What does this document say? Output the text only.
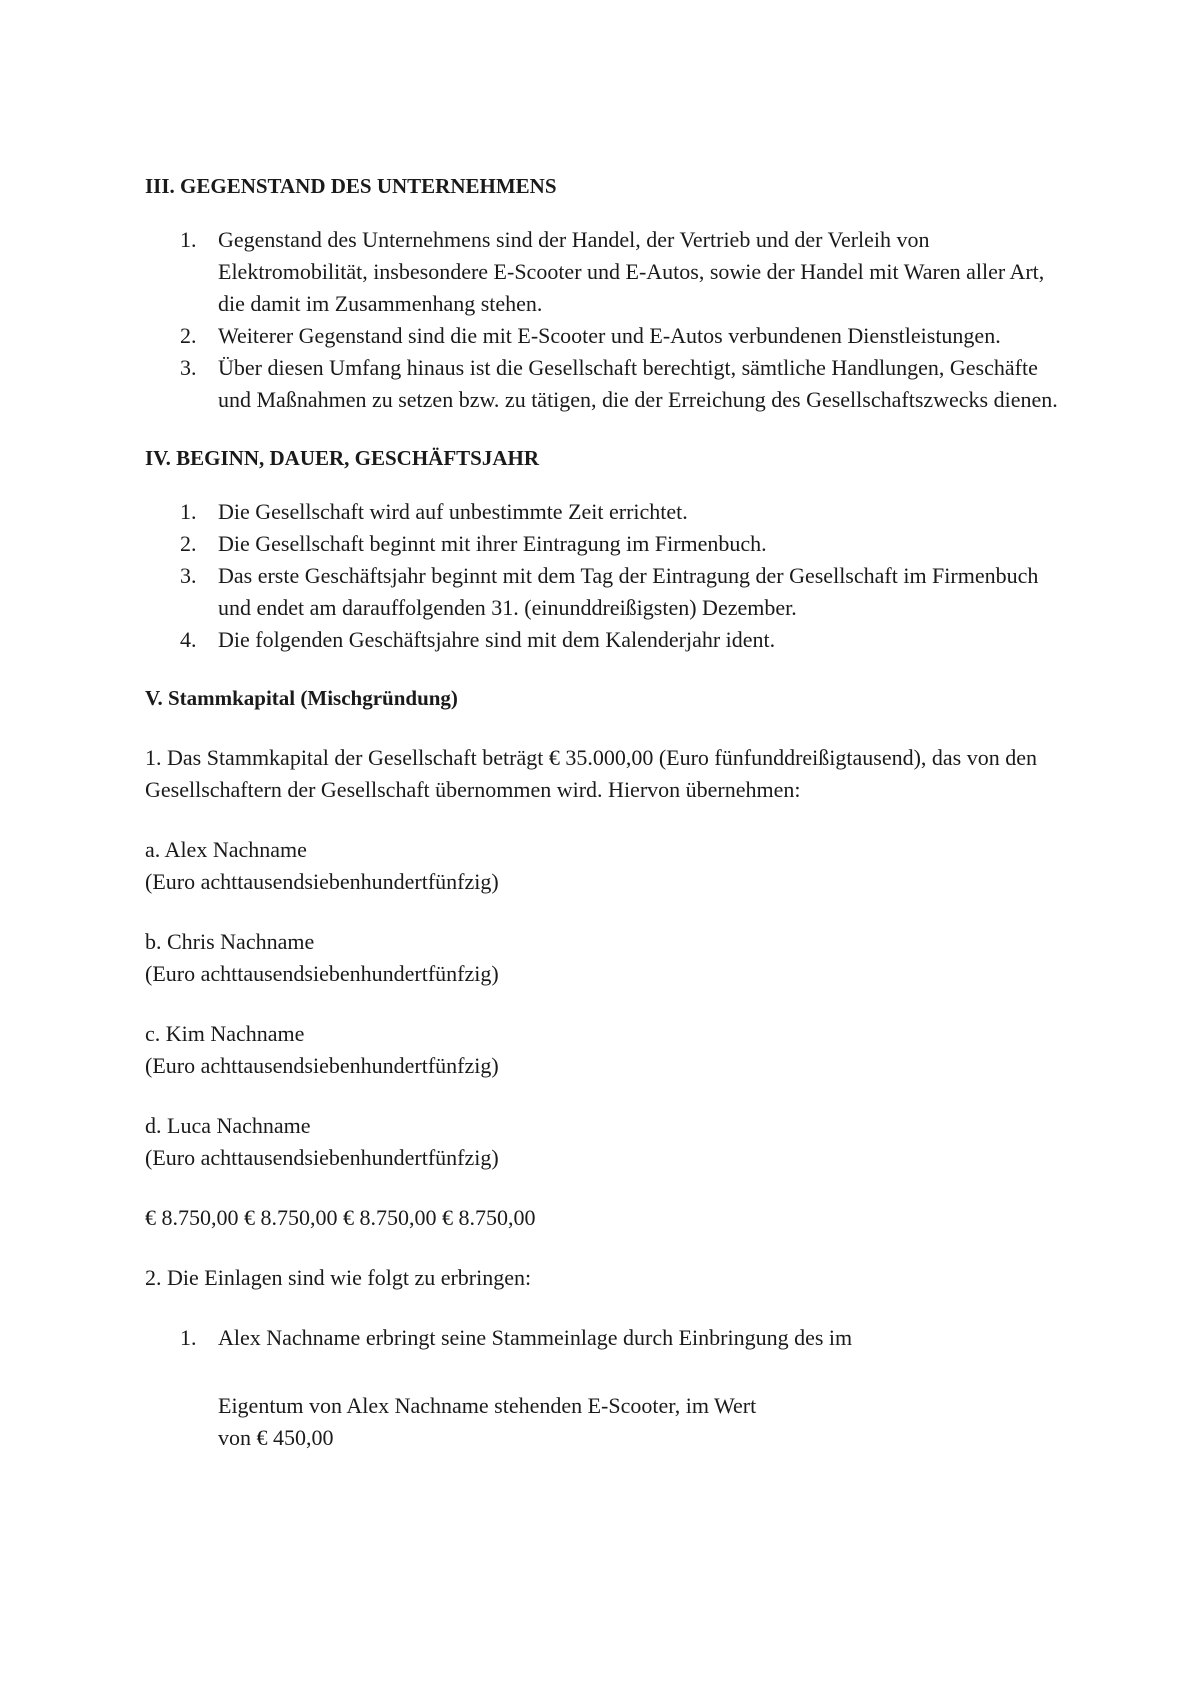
III. GEGENSTAND DES UNTERNEHMENS
1. Gegenstand des Unternehmens sind der Handel, der Vertrieb und der Verleih von Elektromobilität, insbesondere E-Scooter und E-Autos, sowie der Handel mit Waren aller Art, die damit im Zusammenhang stehen.
2. Weiterer Gegenstand sind die mit E-Scooter und E-Autos verbundenen Dienstleistungen.
3. Über diesen Umfang hinaus ist die Gesellschaft berechtigt, sämtliche Handlungen, Geschäfte und Maßnahmen zu setzen bzw. zu tätigen, die der Erreichung des Gesellschaftszwecks dienen.
IV. BEGINN, DAUER, GESCHÄFTSJAHR
1. Die Gesellschaft wird auf unbestimmte Zeit errichtet.
2. Die Gesellschaft beginnt mit ihrer Eintragung im Firmenbuch.
3. Das erste Geschäftsjahr beginnt mit dem Tag der Eintragung der Gesellschaft im Firmenbuch und endet am darauffolgenden 31. (einunddreißigsten) Dezember.
4. Die folgenden Geschäftsjahre sind mit dem Kalenderjahr ident.
V. Stammkapital (Mischgründung)

1. Das Stammkapital der Gesellschaft beträgt € 35.000,00 (Euro fünfunddreißigtausend), das von den Gesellschaftern der Gesellschaft übernommen wird. Hiervon übernehmen:

a. Alex Nachname

(Euro achttausendsiebenhundertfünfzig)

b. Chris Nachname

(Euro achttausendsiebenhundertfünfzig)

c. Kim Nachname

(Euro achttausendsiebenhundertfünfzig)

d. Luca Nachname

(Euro achttausendsiebenhundertfünfzig)

€ 8.750,00 € 8.750,00 € 8.750,00 € 8.750,00

2. Die Einlagen sind wie folgt zu erbringen:

1. Alex Nachname erbringt seine Stammeinlage durch Einbringung des im
Eigentum von Alex Nachname stehenden E-Scooter, im Wert
von € 450,00
